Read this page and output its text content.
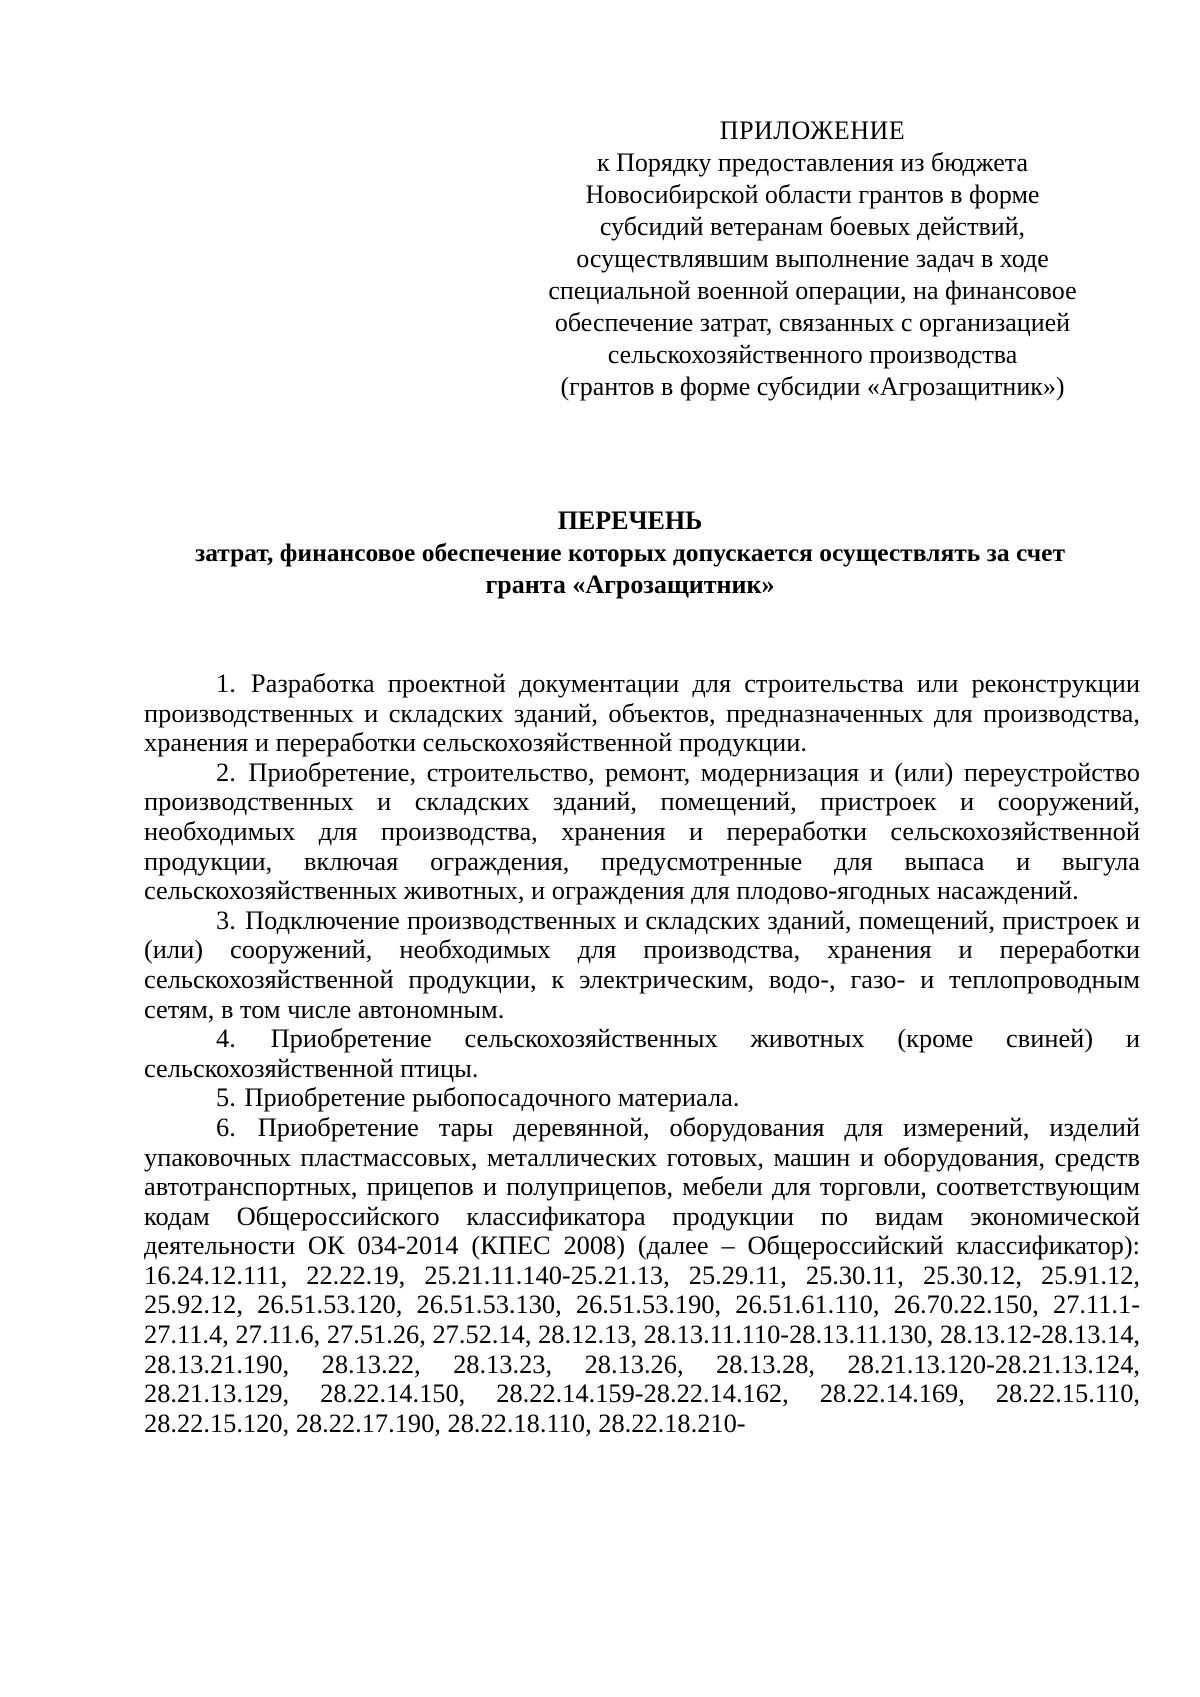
ПРИЛОЖЕНИЕ
к Порядку предоставления из бюджета
Новосибирской области грантов в форме
субсидий ветеранам боевых действий,
осуществлявшим выполнение задач в ходе
специальной военной операции, на финансовое
обеспечение затрат, связанных с организацией
сельскохозяйственного производства
(грантов в форме субсидии «Агрозащитник»)
ПЕРЕЧЕНЬ
затрат, финансовое обеспечение которых допускается осуществлять за счет
гранта «Агрозащитник»

1. Разработка проектной документации для строительства или реконструкции производственных и складских зданий, объектов, предназначенных для производства, хранения и переработки сельскохозяйственной продукции.

2. Приобретение, строительство, ремонт, модернизация и (или) переустройство производственных и складских зданий, помещений, пристроек и сооружений, необходимых для производства, хранения и переработки сельскохозяйственной продукции, включая ограждения, предусмотренные для выпаса и выгула сельскохозяйственных животных, и ограждения для плодово-ягодных насаждений.

3. Подключение производственных и складских зданий, помещений, пристроек и (или) сооружений, необходимых для производства, хранения и переработки сельскохозяйственной продукции, к электрическим, водо-, газо- и теплопроводным сетям, в том числе автономным.

4. Приобретение сельскохозяйственных животных (кроме свиней) и сельскохозяйственной птицы.

5. Приобретение рыбопосадочного материала.

6. Приобретение тары деревянной, оборудования для измерений, изделий упаковочных пластмассовых, металлических готовых, машин и оборудования, средств автотранспортных, прицепов и полуприцепов, мебели для торговли, соответствующим кодам Общероссийского классификатора продукции по видам экономической деятельности ОК 034-2014 (КПЕС 2008) (далее – Общероссийский классификатор): 16.24.12.111, 22.22.19, 25.21.11.140-25.21.13, 25.29.11, 25.30.11, 25.30.12, 25.91.12, 25.92.12, 26.51.53.120, 26.51.53.130, 26.51.53.190, 26.51.61.110, 26.70.22.150, 27.11.1-27.11.4, 27.11.6, 27.51.26, 27.52.14, 28.12.13, 28.13.11.110-28.13.11.130, 28.13.12-28.13.14, 28.13.21.190, 28.13.22, 28.13.23, 28.13.26, 28.13.28, 28.21.13.120-28.21.13.124, 28.21.13.129, 28.22.14.150, 28.22.14.159-28.22.14.162, 28.22.14.169, 28.22.15.110, 28.22.15.120, 28.22.17.190, 28.22.18.110, 28.22.18.210-
